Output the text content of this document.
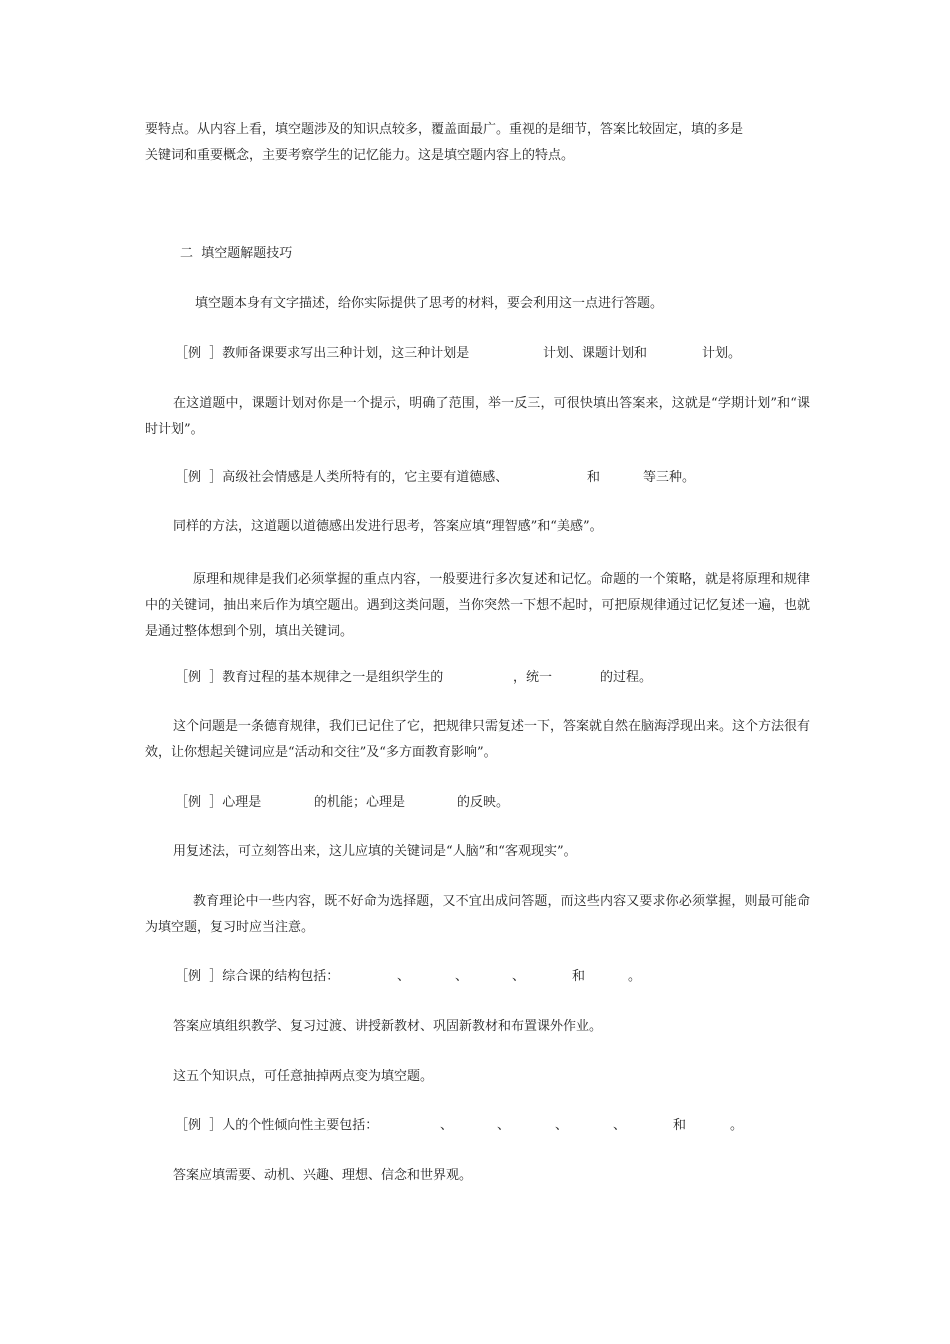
要特点。从内容上看，填空题涉及的知识点较多，覆盖面最广。重视的是细节，答案比较固定，填的多是
关键词和重要概念，主要考察学生的记忆能力。这是填空题内容上的特点。
二  填空题解题技巧
填空题本身有文字描述，给你实际提供了思考的材料，要会利用这一点进行答题。
［例  ］教师备课要求写出三种计划，这三种计划是	计划、课题计划和	计划。

在这道题中，课题计划对你是一个提示，明确了范围，举一反三，可很快填出答案来，这就是“学期计划”和“课时计划”。

［例  ］高级社会情感是人类所特有的，它主要有道德感、	和	等三种。
同样的方法，这道题以道德感出发进行思考，答案应填“理智感”和“美感”。

原理和规律是我们必须掌握的重点内容，一般要进行多次复述和记忆。命题的一个策略，就是将原理和规律中的关键词，抽出来后作为填空题出。遇到这类问题，当你突然一下想不起时，可把原规律通过记忆复述一遍，也就是通过整体想到个别，填出关键词。

［例  ］教育过程的基本规律之一是组织学生的	，统一	的过程。

这个问题是一条德育规律，我们已记住了它，把规律只需复述一下，答案就自然在脑海浮现出来。这个方法很有效，让你想起关键词应是“活动和交往”及“多方面教育影响”。

［例  ］心理是	的机能；心理是	的反映。
用复述法，可立刻答出来，这儿应填的关键词是“人脑”和“客观现实”。

教育理论中一些内容，既不好命为选择题，又不宜出成问答题，而这些内容又要求你必须掌握，则最可能命为填空题，复习时应当注意。

［例  ］综合课的结构包括：	、	、	、	和	。
答案应填组织教学、复习过渡、讲授新教材、巩固新教材和布置课外作业。
这五个知识点，可任意抽掉两点变为填空题。
［例  ］人的个性倾向性主要包括：	、	、	、	、	和	。
答案应填需要、动机、兴趣、理想、信念和世界观。
